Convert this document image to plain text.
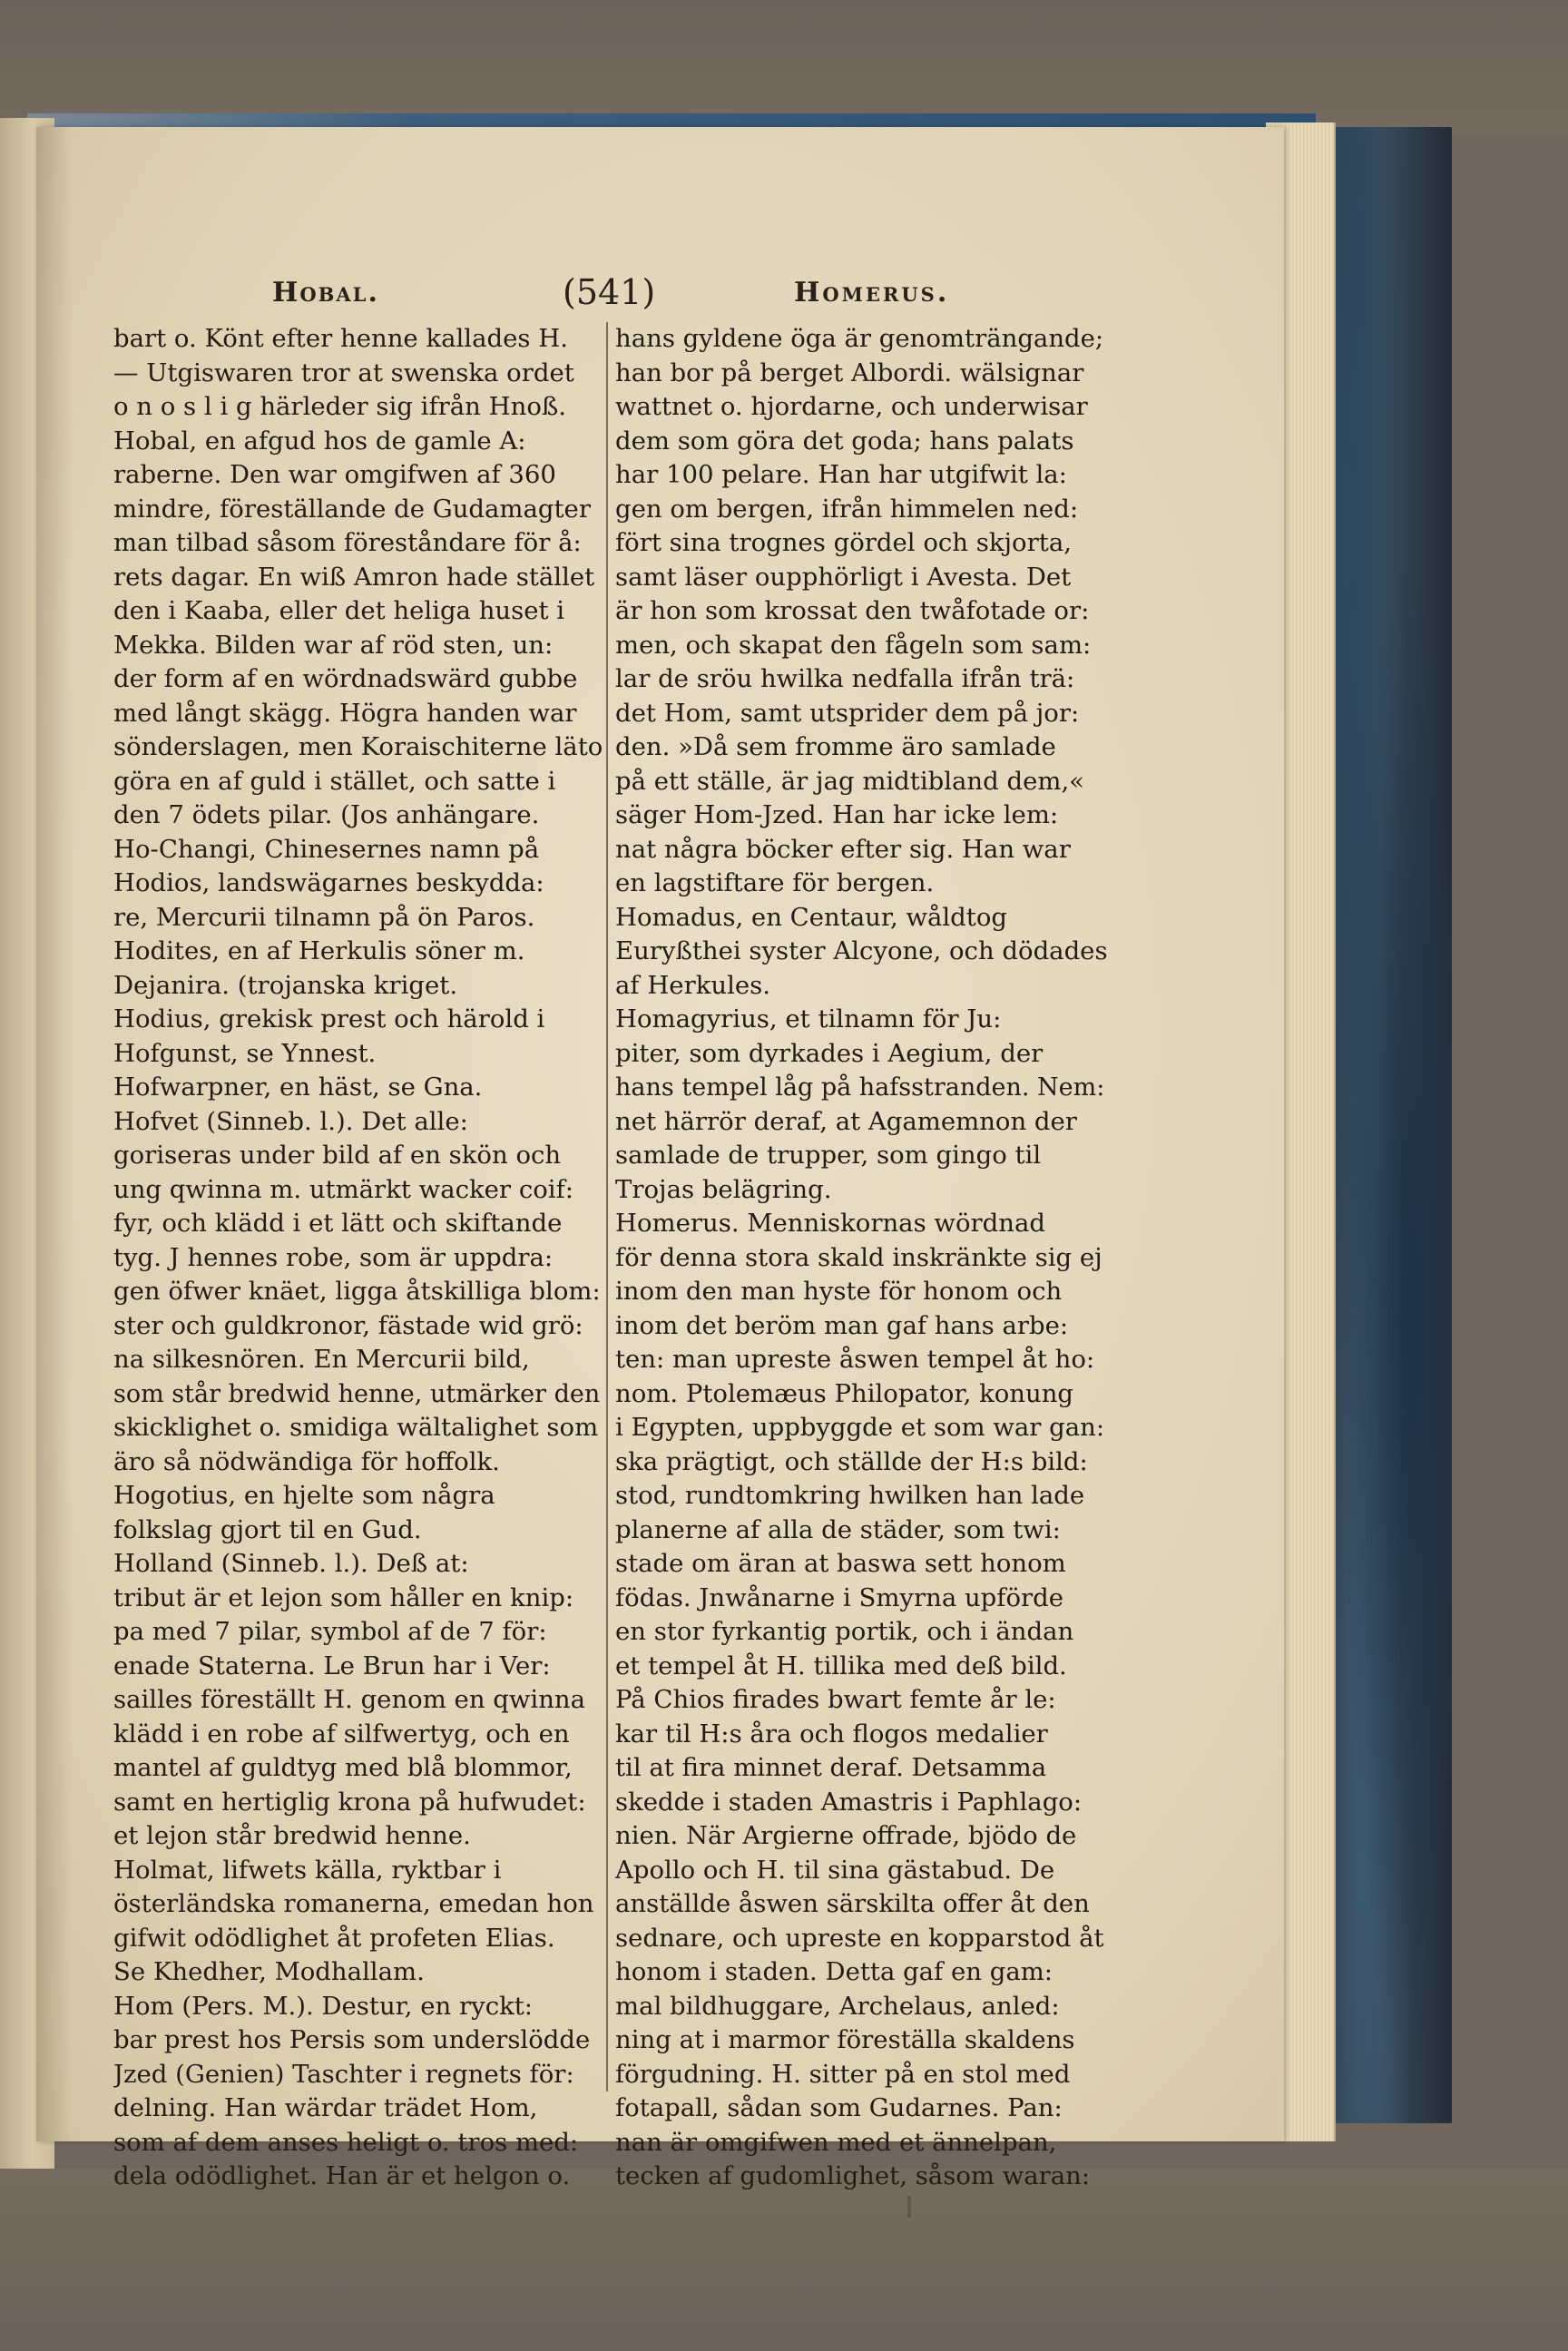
Hobal.	(541)	Homerus.
bart o. Könt efter henne kallades H.
— Utgiswaren tror at swenska ordet
o n o s l i g härleder sig ifrån Hnoß.
Hobal, en afgud hos de gamle A:
raberne. Den war omgifwen af 360
mindre, föreställande de Gudamagter
man tilbad såsom föreståndare för å:
rets dagar. En wiß Amron hade stället
den i Kaaba, eller det heliga huset i
Mekka. Bilden war af röd sten, un:
der form af en wördnadswärd gubbe
med långt skägg. Högra handen war
sönderslagen, men Koraischiterne läto
göra en af guld i stället, och satte i
den 7 ödets pilar. (Jos anhängare.
Ho-Changi, Chinesernes namn på
Hodios, landswägarnes beskydda:
re, Mercurii tilnamn på ön Paros.
Hodites, en af Herkulis söner m.
Dejanira. (trojanska kriget.
Hodius, grekisk prest och härold i
Hofgunst, se Ynnest.
Hofwarpner, en häst, se Gna.
Hofvet (Sinneb. l.). Det alle:
goriseras under bild af en skön och
ung qwinna m. utmärkt wacker coif:
fyr, och klädd i et lätt och skiftande
tyg. J hennes robe, som är uppdra:
gen öfwer knäet, ligga åtskilliga blom:
ster och guldkronor, fästade wid grö:
na silkesnören. En Mercurii bild,
som står bredwid henne, utmärker den
skicklighet o. smidiga wältalighet som
äro så nödwändiga för hoffolk.
Hogotius, en hjelte som några
folkslag gjort til en Gud.
Holland (Sinneb. l.). Deß at:
tribut är et lejon som håller en knip:
pa med 7 pilar, symbol af de 7 för:
enade Staterna. Le Brun har i Ver:
sailles föreställt H. genom en qwinna
klädd i en robe af silfwertyg, och en
mantel af guldtyg med blå blommor,
samt en hertiglig krona på hufwudet:
et lejon står bredwid henne.
Holmat, lifwets källa, ryktbar i
österländska romanerna, emedan hon
gifwit odödlighet åt profeten Elias.
Se Khedher, Modhallam.
Hom (Pers. M.). Destur, en ryckt:
bar prest hos Persis som underslödde
Jzed (Genien) Taschter i regnets för:
delning. Han wärdar trädet Hom,
som af dem anses heligt o. tros med:
dela odödlighet. Han är et helgon o.
hans gyldene öga är genomträngande;
han bor på berget Albordi. wälsignar
wattnet o. hjordarne, och underwisar
dem som göra det goda; hans palats
har 100 pelare. Han har utgifwit la:
gen om bergen, ifrån himmelen ned:
fört sina trognes gördel och skjorta,
samt läser oupphörligt i Avesta. Det
är hon som krossat den twåfotade or:
men, och skapat den fågeln som sam:
lar de sröu hwilka nedfalla ifrån trä:
det Hom, samt utsprider dem på jor:
den. »Då sem fromme äro samlade
på ett ställe, är jag midtibland dem,«
säger Hom-Jzed. Han har icke lem:
nat några böcker efter sig. Han war
en lagstiftare för bergen.
Homadus, en Centaur, wåldtog
Euryßthei syster Alcyone, och dödades
af Herkules.
Homagyrius, et tilnamn för Ju:
piter, som dyrkades i Aegium, der
hans tempel låg på hafsstranden. Nem:
net härrör deraf, at Agamemnon der
samlade de trupper, som gingo til
Trojas belägring.
Homerus. Menniskornas wördnad
för denna stora skald inskränkte sig ej
inom den man hyste för honom och
inom det beröm man gaf hans arbe:
ten: man upreste åswen tempel åt ho:
nom. Ptolemæus Philopator, konung
i Egypten, uppbyggde et som war gan:
ska prägtigt, och ställde der H:s bild:
stod, rundtomkring hwilken han lade
planerne af alla de städer, som twi:
stade om äran at baswa sett honom
födas. Jnwånarne i Smyrna upförde
en stor fyrkantig portik, och i ändan
et tempel åt H. tillika med deß bild.
På Chios firades bwart femte år le:
kar til H:s åra och flogos medalier
til at fira minnet deraf. Detsamma
skedde i staden Amastris i Paphlago:
nien. När Argierne offrade, bjödo de
Apollo och H. til sina gästabud. De
anställde åswen särskilta offer åt den
sednare, och upreste en kopparstod åt
honom i staden. Detta gaf en gam:
mal bildhuggare, Archelaus, anled:
ning at i marmor föreställa skaldens
förgudning. H. sitter på en stol med
fotapall, sådan som Gudarnes. Pan:
nan är omgifwen med et ännelpan,
tecken af gudomlighet, såsom waran:
